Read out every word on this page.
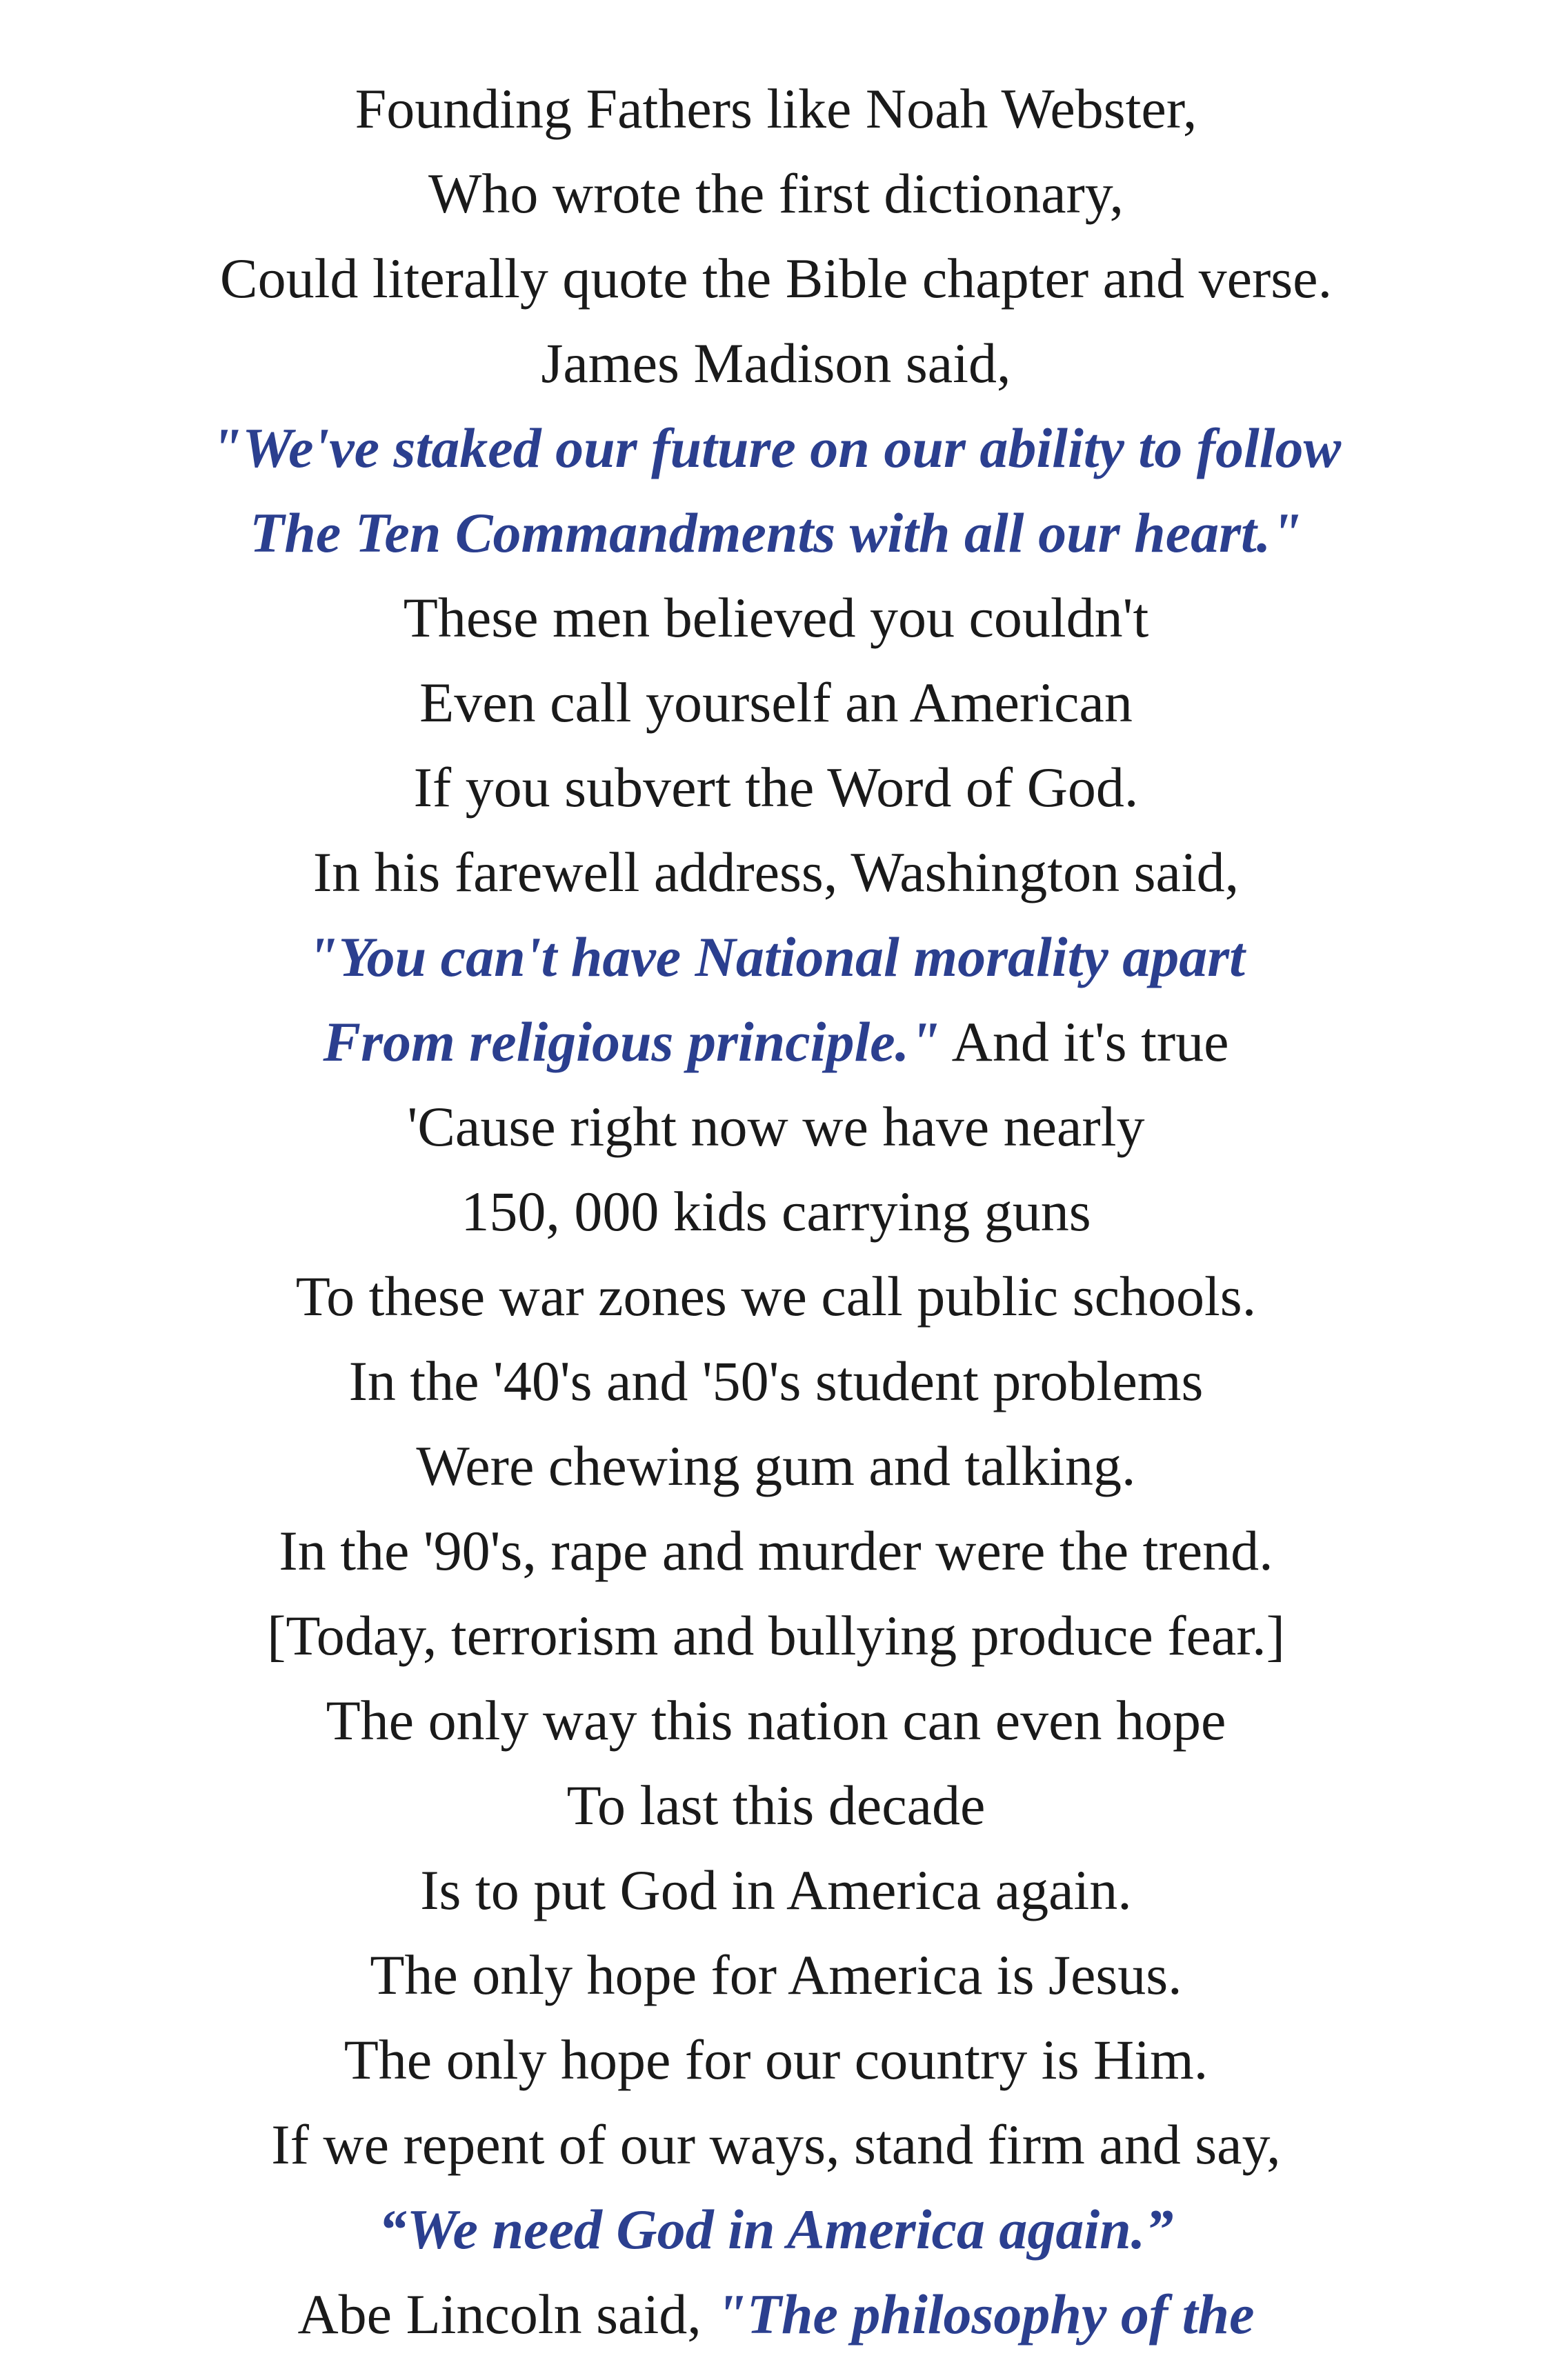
Founding Fathers like Noah Webster,
Who wrote the first dictionary,
Could literally quote the Bible chapter and verse.
James Madison said,
"We've staked our future on our ability to follow
The Ten Commandments with all our heart."
These men believed you couldn't
Even call yourself an American
If you subvert the Word of God.
In his farewell address, Washington said,
"You can't have National morality apart
From religious principle." And it's true
'Cause right now we have nearly
150, 000 kids carrying guns
To these war zones we call public schools.
In the '40's and '50's student problems
Were chewing gum and talking.
In the '90's, rape and murder were the trend.
[Today, terrorism and bullying produce fear.]
The only way this nation can even hope
To last this decade
Is to put God in America again.
The only hope for America is Jesus.
The only hope for our country is Him.
If we repent of our ways, stand firm and say,
“We need God in America again.”
Abe Lincoln said, "The philosophy of the
